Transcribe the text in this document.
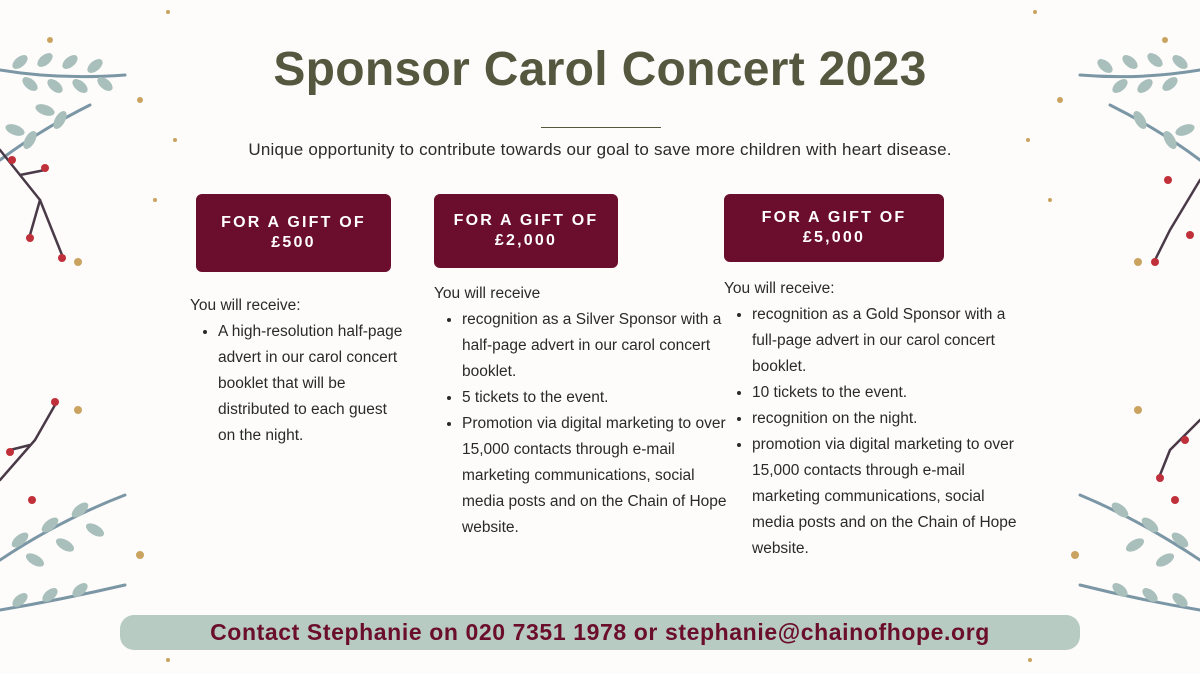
Sponsor Carol Concert 2023
Unique opportunity to contribute towards our goal to save more children with heart disease.
FOR A GIFT OF
£500

You will receive:

• A high-resolution half-page advert in our carol concert booklet that will be distributed to each guest on the night.
FOR A GIFT OF
£2,000

You will receive

• recognition as a Silver Sponsor with a half-page advert in our carol concert booklet.
• 5 tickets to the event.
• Promotion via digital marketing to over 15,000 contacts through e-mail marketing communications, social media posts and on the Chain of Hope website.
FOR A GIFT OF
£5,000

You will receive:

• recognition as a Gold Sponsor with a full-page advert in our carol concert booklet.
• 10 tickets to the event.
• recognition on the night.
• promotion via digital marketing to over 15,000 contacts through e-mail marketing communications, social media posts and on the Chain of Hope website.
Contact Stephanie on 020 7351 1978 or stephanie@chainofhope.org
